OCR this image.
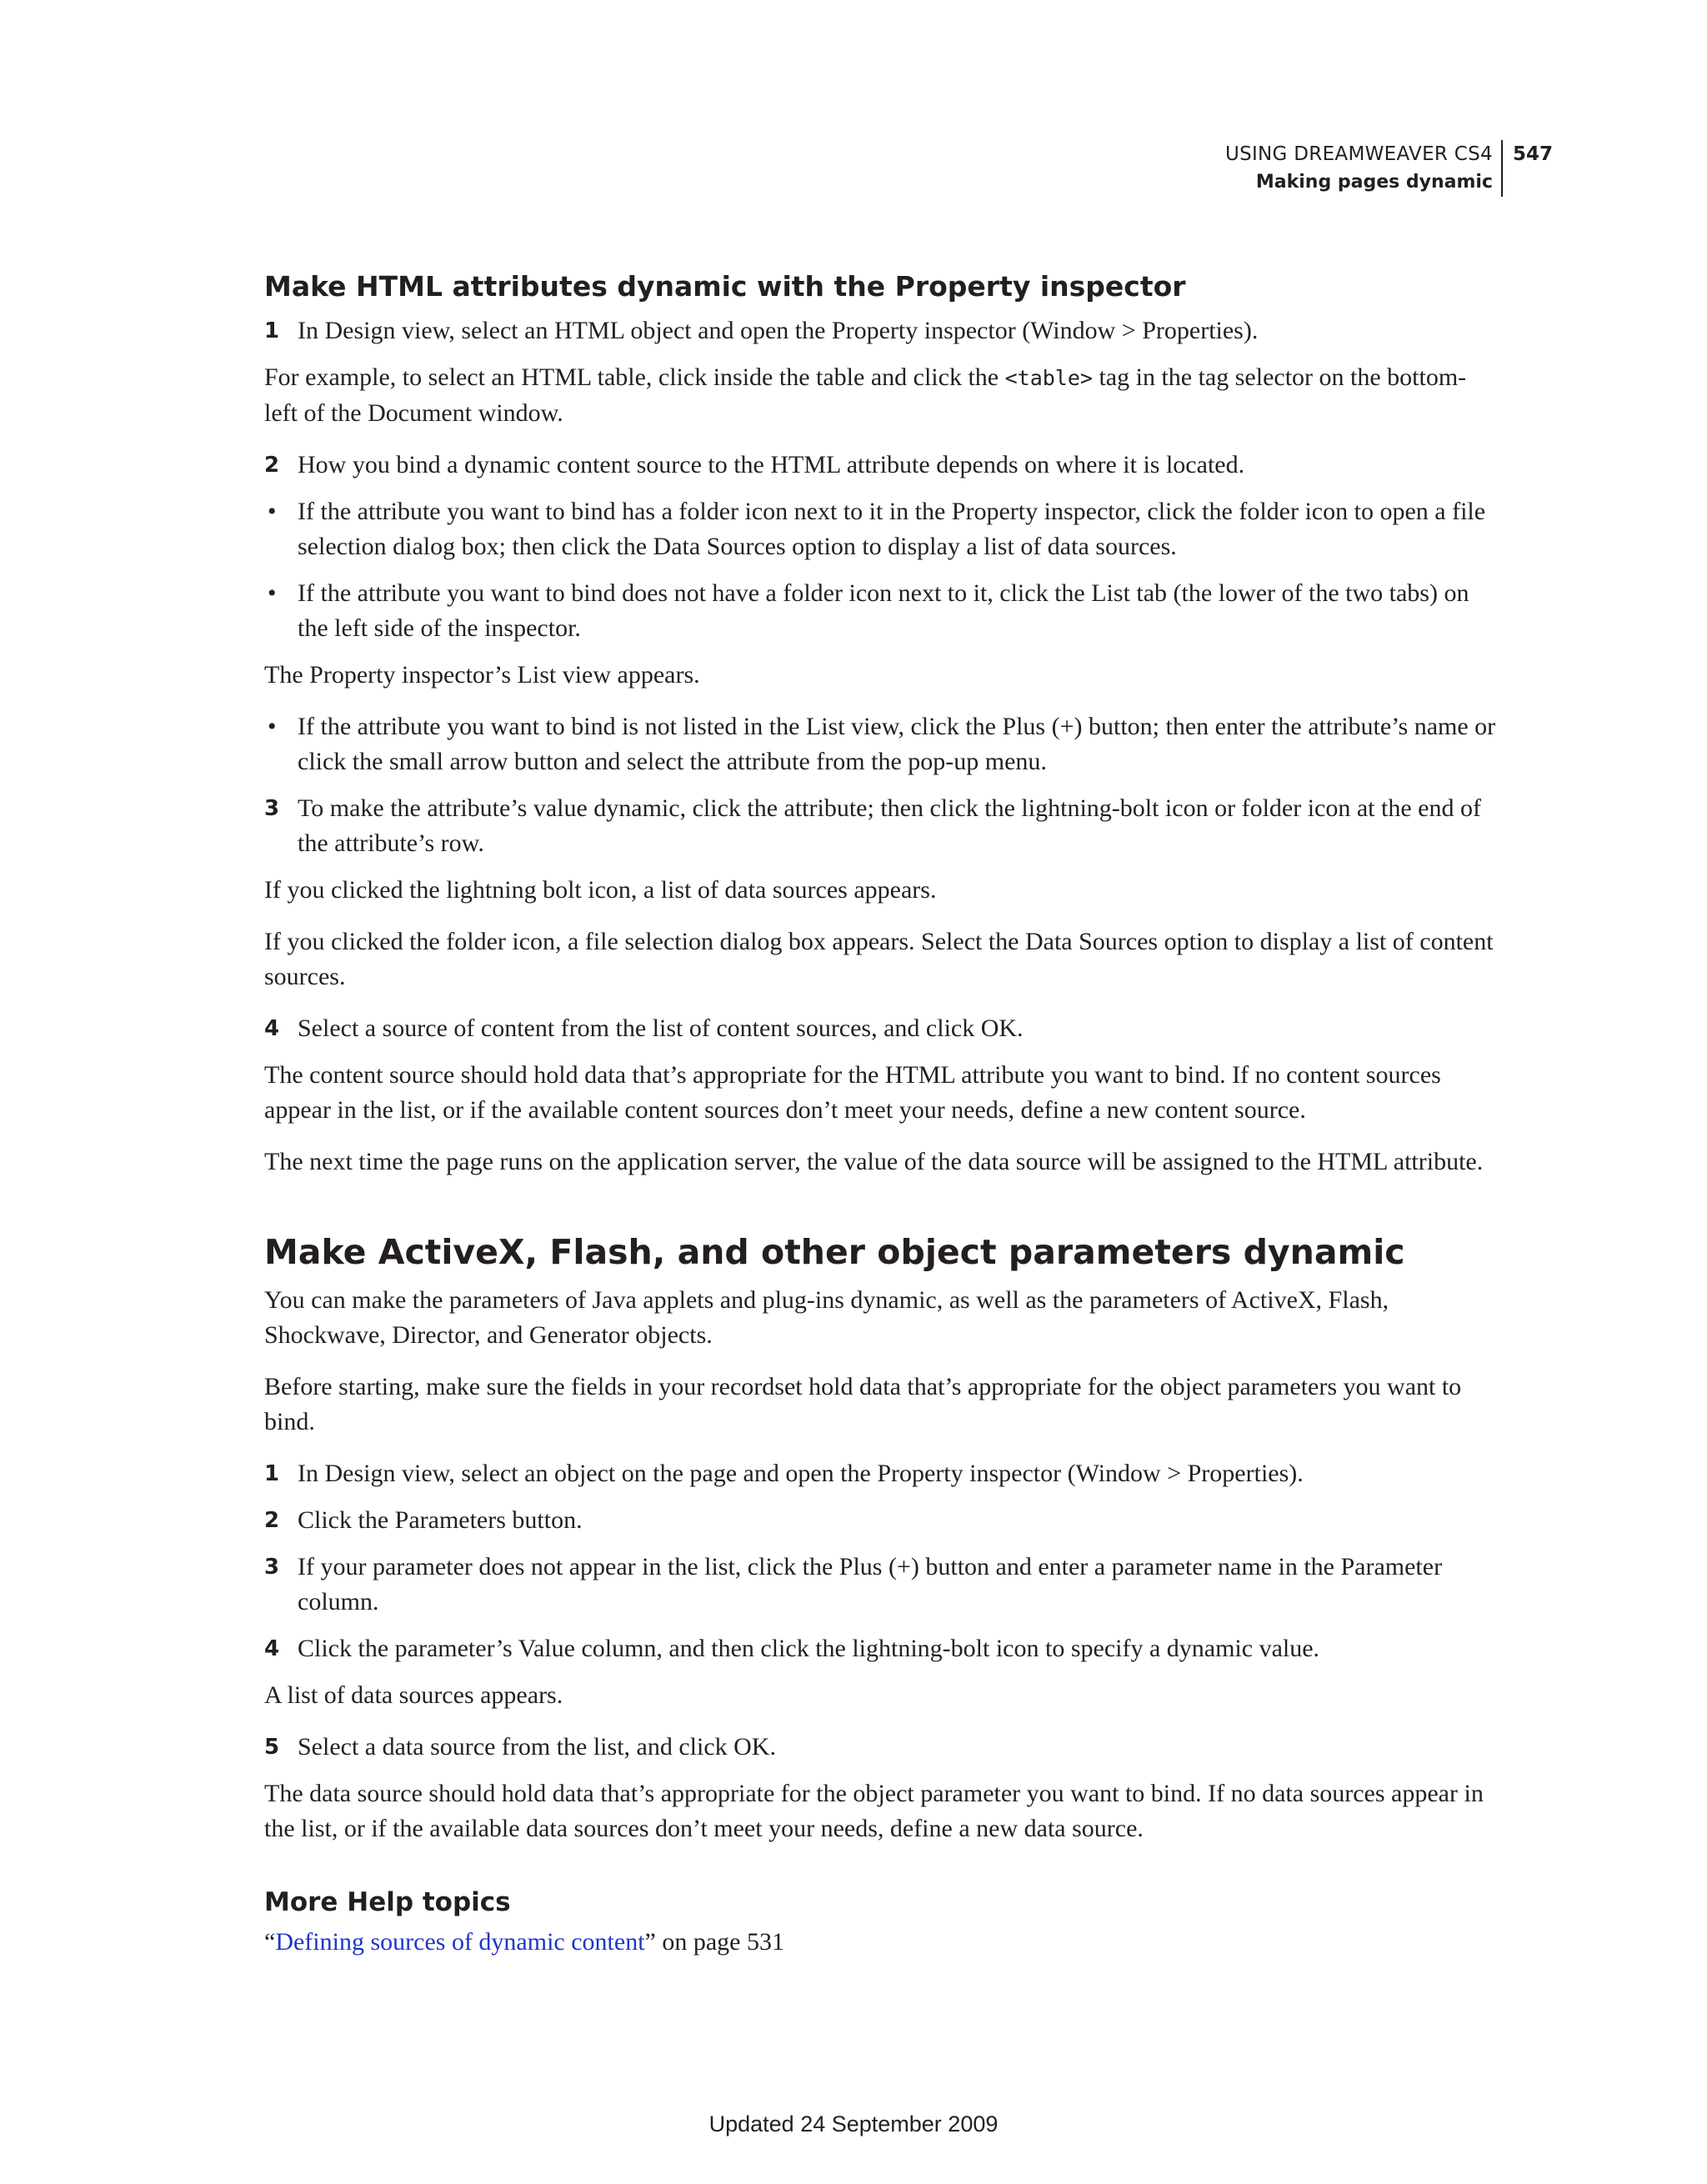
USING DREAMWEAVER CS4
Making pages dynamic
547
Make HTML attributes dynamic with the Property inspector
1 In Design view, select an HTML object and open the Property inspector (Window > Properties).

For example, to select an HTML table, click inside the table and click the <table> tag in the tag selector on the bottom-left of the Document window.

2 How you bind a dynamic content source to the HTML attribute depends on where it is located.
• If the attribute you want to bind has a folder icon next to it in the Property inspector, click the folder icon to open a file selection dialog box; then click the Data Sources option to display a list of data sources.
• If the attribute you want to bind does not have a folder icon next to it, click the List tab (the lower of the two tabs) on the left side of the inspector.

The Property inspector’s List view appears.

• If the attribute you want to bind is not listed in the List view, click the Plus (+) button; then enter the attribute’s name or click the small arrow button and select the attribute from the pop-up menu.
3 To make the attribute’s value dynamic, click the attribute; then click the lightning-bolt icon or folder icon at the end of the attribute’s row.

If you clicked the lightning bolt icon, a list of data sources appears.

If you clicked the folder icon, a file selection dialog box appears. Select the Data Sources option to display a list of content sources.

4 Select a source of content from the list of content sources, and click OK.

The content source should hold data that’s appropriate for the HTML attribute you want to bind. If no content sources appear in the list, or if the available content sources don’t meet your needs, define a new content source.

The next time the page runs on the application server, the value of the data source will be assigned to the HTML attribute.

Make ActiveX, Flash, and other object parameters dynamic

You can make the parameters of Java applets and plug-ins dynamic, as well as the parameters of ActiveX, Flash, Shockwave, Director, and Generator objects.

Before starting, make sure the fields in your recordset hold data that’s appropriate for the object parameters you want to bind.

1 In Design view, select an object on the page and open the Property inspector (Window > Properties).
2 Click the Parameters button.
3 If your parameter does not appear in the list, click the Plus (+) button and enter a parameter name in the Parameter column.
4 Click the parameter’s Value column, and then click the lightning-bolt icon to specify a dynamic value.

A list of data sources appears.

5 Select a data source from the list, and click OK.

The data source should hold data that’s appropriate for the object parameter you want to bind. If no data sources appear in the list, or if the available data sources don’t meet your needs, define a new data source.

More Help topics

“Defining sources of dynamic content” on page 531

Updated 24 September 2009
